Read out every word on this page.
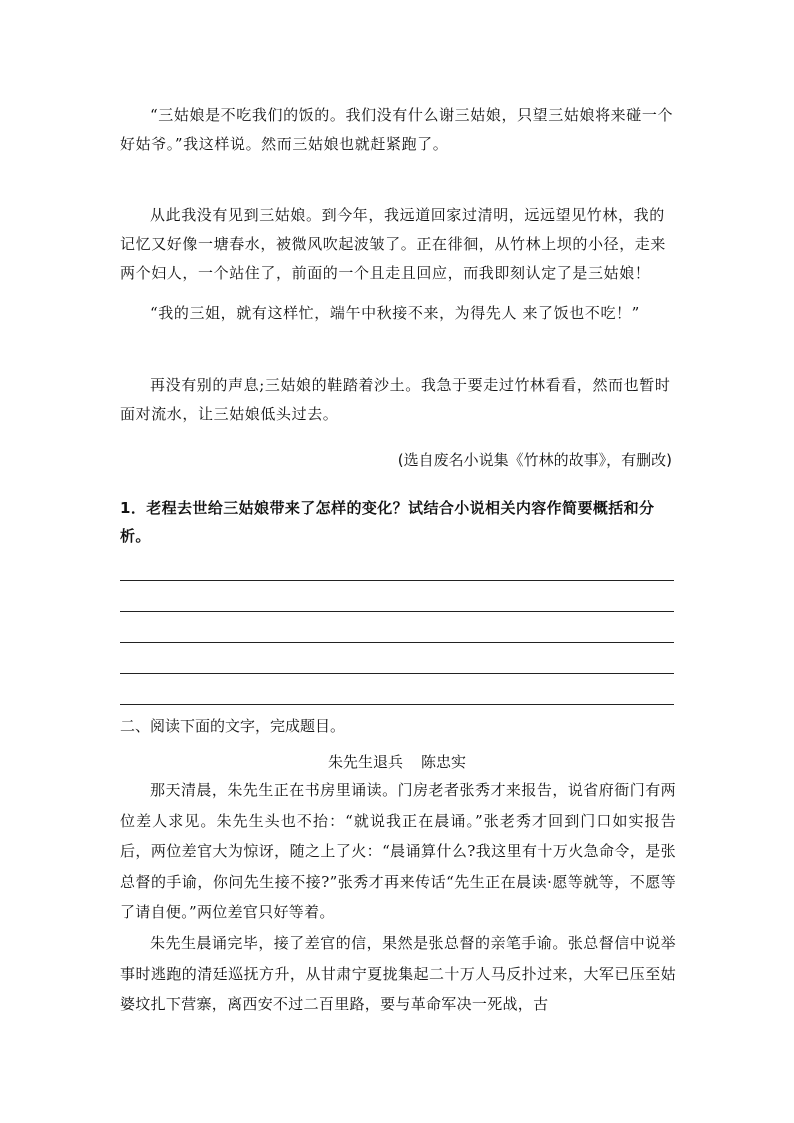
“三姑娘是不吃我们的饭的。我们没有什么谢三姑娘，只望三姑娘将来碰一个好姑爷。”我这样说。然而三姑娘也就赶紧跑了。

从此我没有见到三姑娘。到今年，我远道回家过清明，远远望见竹林，我的记忆又好像一塘春水，被微风吹起波皱了。正在徘徊，从竹林上坝的小径，走来两个妇人，一个站住了，前面的一个且走且回应，而我即刻认定了是三姑娘！

“我的三姐，就有这样忙，端午中秋接不来，为得先人 来了饭也不吃！”

再没有别的声息;三姑娘的鞋踏着沙土。我急于要走过竹林看看，然而也暂时面对流水，让三姑娘低头过去。

(选自废名小说集《竹林的故事》，有删改)

1．老程去世给三姑娘带来了怎样的变化？试结合小说相关内容作简要概括和分析。

二、阅读下面的文字，完成题目。

朱先生退兵 陈忠实

那天清晨，朱先生正在书房里诵读。门房老者张秀才来报告，说省府衙门有两位差人求见。朱先生头也不抬：“就说我正在晨诵。”张老秀才回到门口如实报告后，两位差官大为惊讶，随之上了火：“晨诵算什么?我这里有十万火急命令，是张总督的手谕，你问先生接不接?”张秀才再来传话“先生正在晨读·愿等就等，不愿等了请自便。”两位差官只好等着。

朱先生晨诵完毕，接了差官的信，果然是张总督的亲笔手谕。张总督信中说举事时逃跑的清廷巡抚方升，从甘肃宁夏拢集起二十万人马反扑过来，大军已压至姑婆坟扎下营寨，离西安不过二百里路，要与革命军决一死战，古
